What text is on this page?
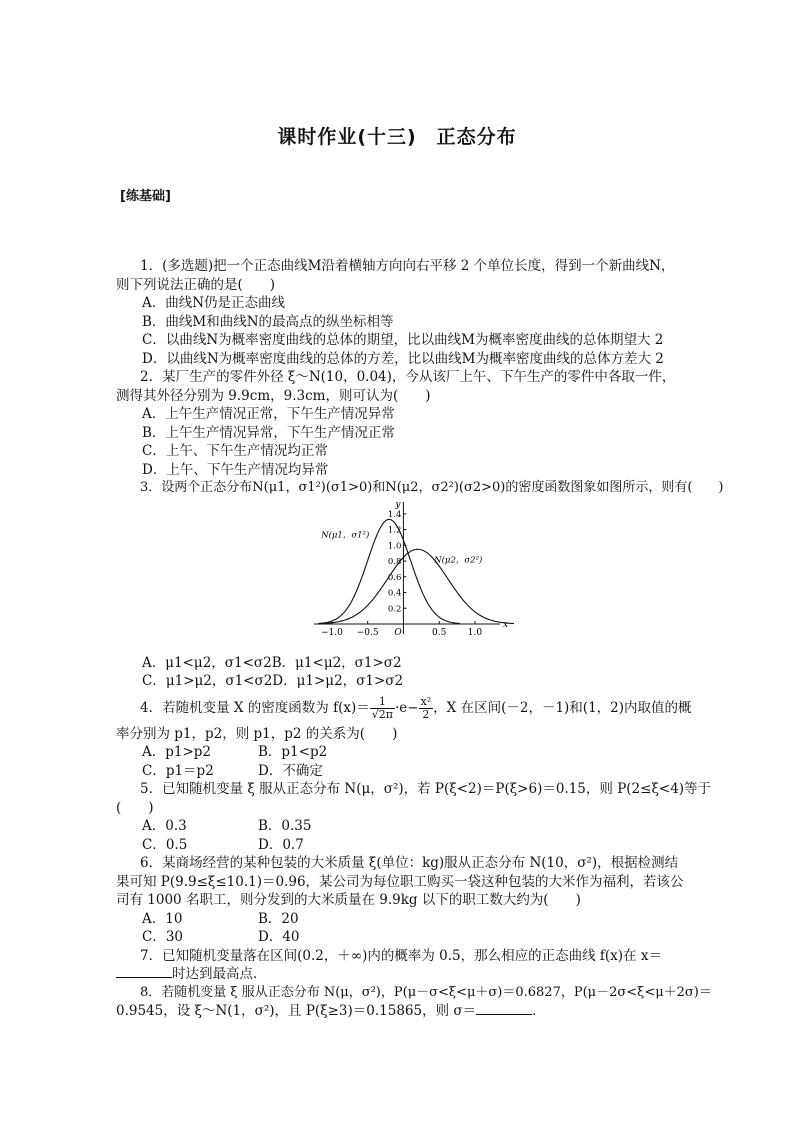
课时作业(十三)　正态分布
[练基础]
1．(多选题)把一个正态曲线M沿着横轴方向向右平移 2 个单位长度，得到一个新曲线N，
则下列说法正确的是(　　)
A．曲线N仍是正态曲线
B．曲线M和曲线N的最高点的纵坐标相等
C．以曲线N为概率密度曲线的总体的期望，比以曲线M为概率密度曲线的总体期望大 2
D．以曲线N为概率密度曲线的总体的方差，比以曲线M为概率密度曲线的总体方差大 2
2．某厂生产的零件外径 ξ～N(10，0.04)，今从该厂上午、下午生产的零件中各取一件，
测得其外径分别为 9.9cm，9.3cm，则可认为(　　)
A．上午生产情况正常，下午生产情况异常
B．上午生产情况异常，下午生产情况正常
C．上午、下午生产情况均正常
D．上午、下午生产情况均异常
3．设两个正态分布N(μ1，σ1²)(σ1>0)和N(μ2，σ2²)(σ2>0)的密度函数图象如图所示，则有(　　)
x
y
O
−1.0 −0.5	0.5 1.0
0.2
0.4
0.6
0.8
1.0
1.2
1.4
N(μ1，σ1²)
N(μ2，σ2²)
A．μ1<μ2，σ1<σ2B．μ1<μ2，σ1>σ2
C．μ1>μ2，σ1<σ2D．μ1>μ2，σ1>σ2
4．若随机变量 X 的密度函数为 $f(x)= \frac{1}{√2\pi} \cdot e- \frac{\text{x²}}{2}$ ，X 在区间(－2，－1)和(1，2)内取值的概
率分别为 p1，p2，则 p1，p2 的关系为(　　)
A．p1>p2	B．p1<p2
C．p1＝p2	D．不确定
5．已知随机变量 ξ 服从正态分布 N(μ，σ²)，若 P(ξ<2)＝P(ξ>6)＝0.15，则 P(2≤ξ<4)等于
(　　)
A．0.3	B．0.35
C．0.5	D．0.7
6．某商场经营的某种包装的大米质量 ξ(单位：kg)服从正态分布 N(10，σ²)，根据检测结
果可知 P(9.9≤ξ≤10.1)＝0.96，某公司为每位职工购买一袋这种包装的大米作为福利，若该公
司有 1000 名职工，则分发到的大米质量在 9.9kg 以下的职工数大约为(　　)
A．10	B．20
C．30	D．40
7．已知随机变量落在区间(0.2，＋∞)内的概率为 0.5，那么相应的正态曲线 f(x)在 x＝
时达到最高点．
8．若随机变量 ξ 服从正态分布 N(μ，σ²)，P(μ－σ<ξ<μ＋σ)＝0.6827，P(μ－2σ<ξ<μ＋2σ)＝
0.9545，设 ξ～N(1，σ²)，且 P(ξ≥3)＝0.15865，则 σ＝	．
